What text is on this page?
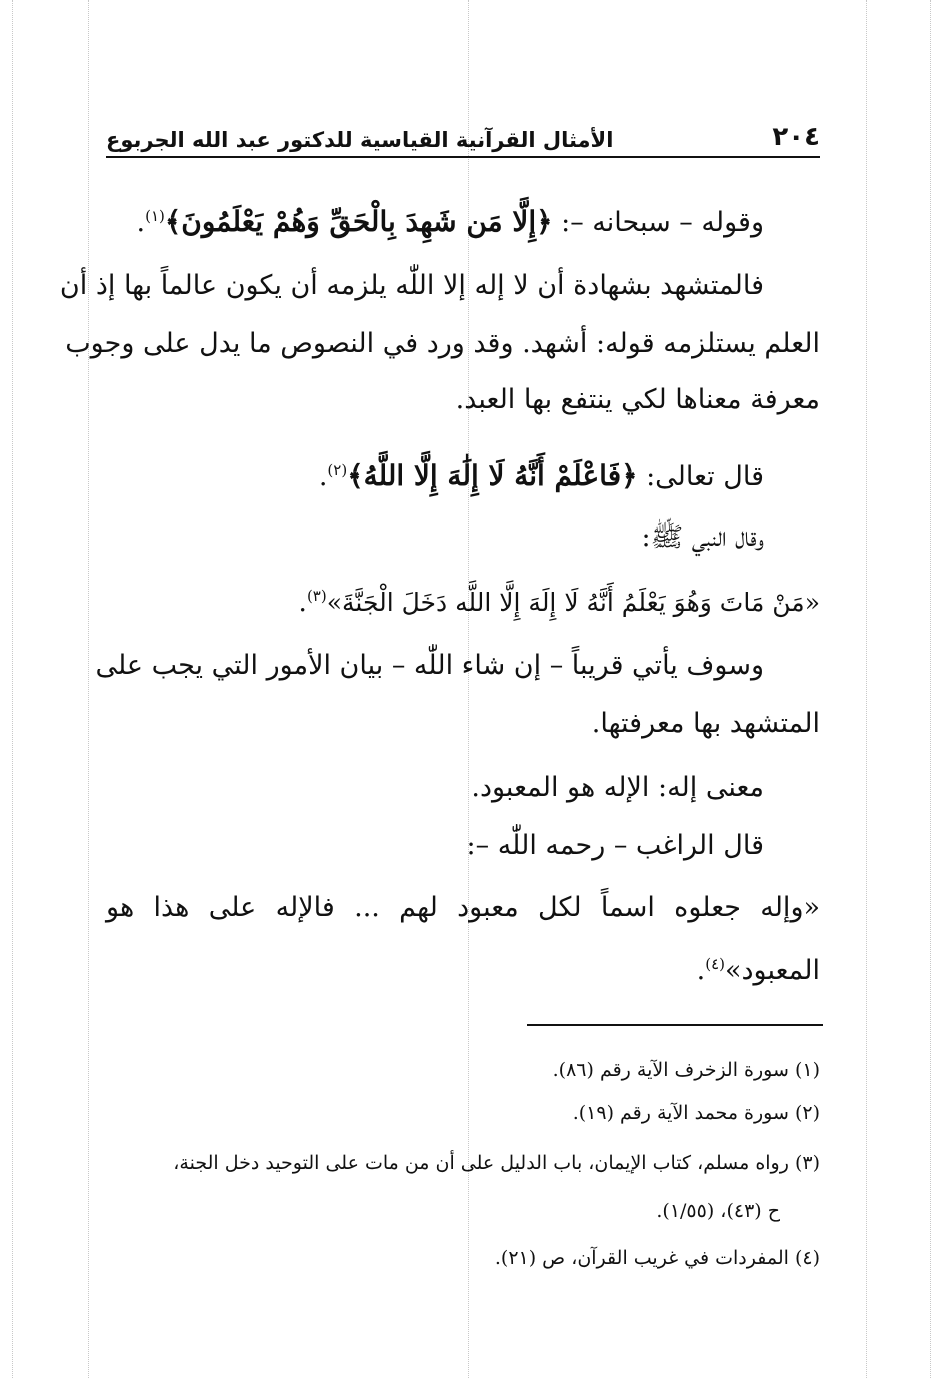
٢٠٤
الأمثال القرآنية القياسية للدكتور عبد الله الجربوع
وقوله – سبحانه –: ﴿إِلَّا مَن شَهِدَ بِالْحَقِّ وَهُمْ يَعْلَمُونَ﴾$^{(١)}$.
فالمتشهد بشهادة أن لا إله إلا اللّٰه يلزمه أن يكون عالماً بها إذ أن
العلم يستلزمه قوله: أشهد. وقد ورد في النصوص ما يدل على وجوب
معرفة معناها لكي ينتفع بها العبد.
قال تعالى: ﴿فَاعْلَمْ أَنَّهُ لَا إِلَٰهَ إِلَّا اللَّهُ﴾$^{(٢)}$.
وقال النبي ﷺ:
«مَنْ مَاتَ وَهُوَ يَعْلَمُ أَنَّهُ لَا إِلَهَ إِلَّا اللَّه دَخَلَ الْجَنَّةَ»$^{(٣)}$.
وسوف يأتي قريباً – إن شاء اللّٰه – بيان الأمور التي يجب على
المتشهد بها معرفتها.
معنى إله: الإله هو المعبود.
قال الراغب – رحمه اللّٰه –:
«وإله جعلوه اسماً لكل معبود لهم ... فالإله على هذا هو
المعبود»$^{(٤)}$.
(١) سورة الزخرف الآية رقم (٨٦).
(٢) سورة محمد الآية رقم (١٩).
(٣) رواه مسلم، كتاب الإيمان، باب الدليل على أن من مات على التوحيد دخل الجنة،
ح (٤٣)، (١/٥٥).
(٤) المفردات في غريب القرآن، ص (٢١).
